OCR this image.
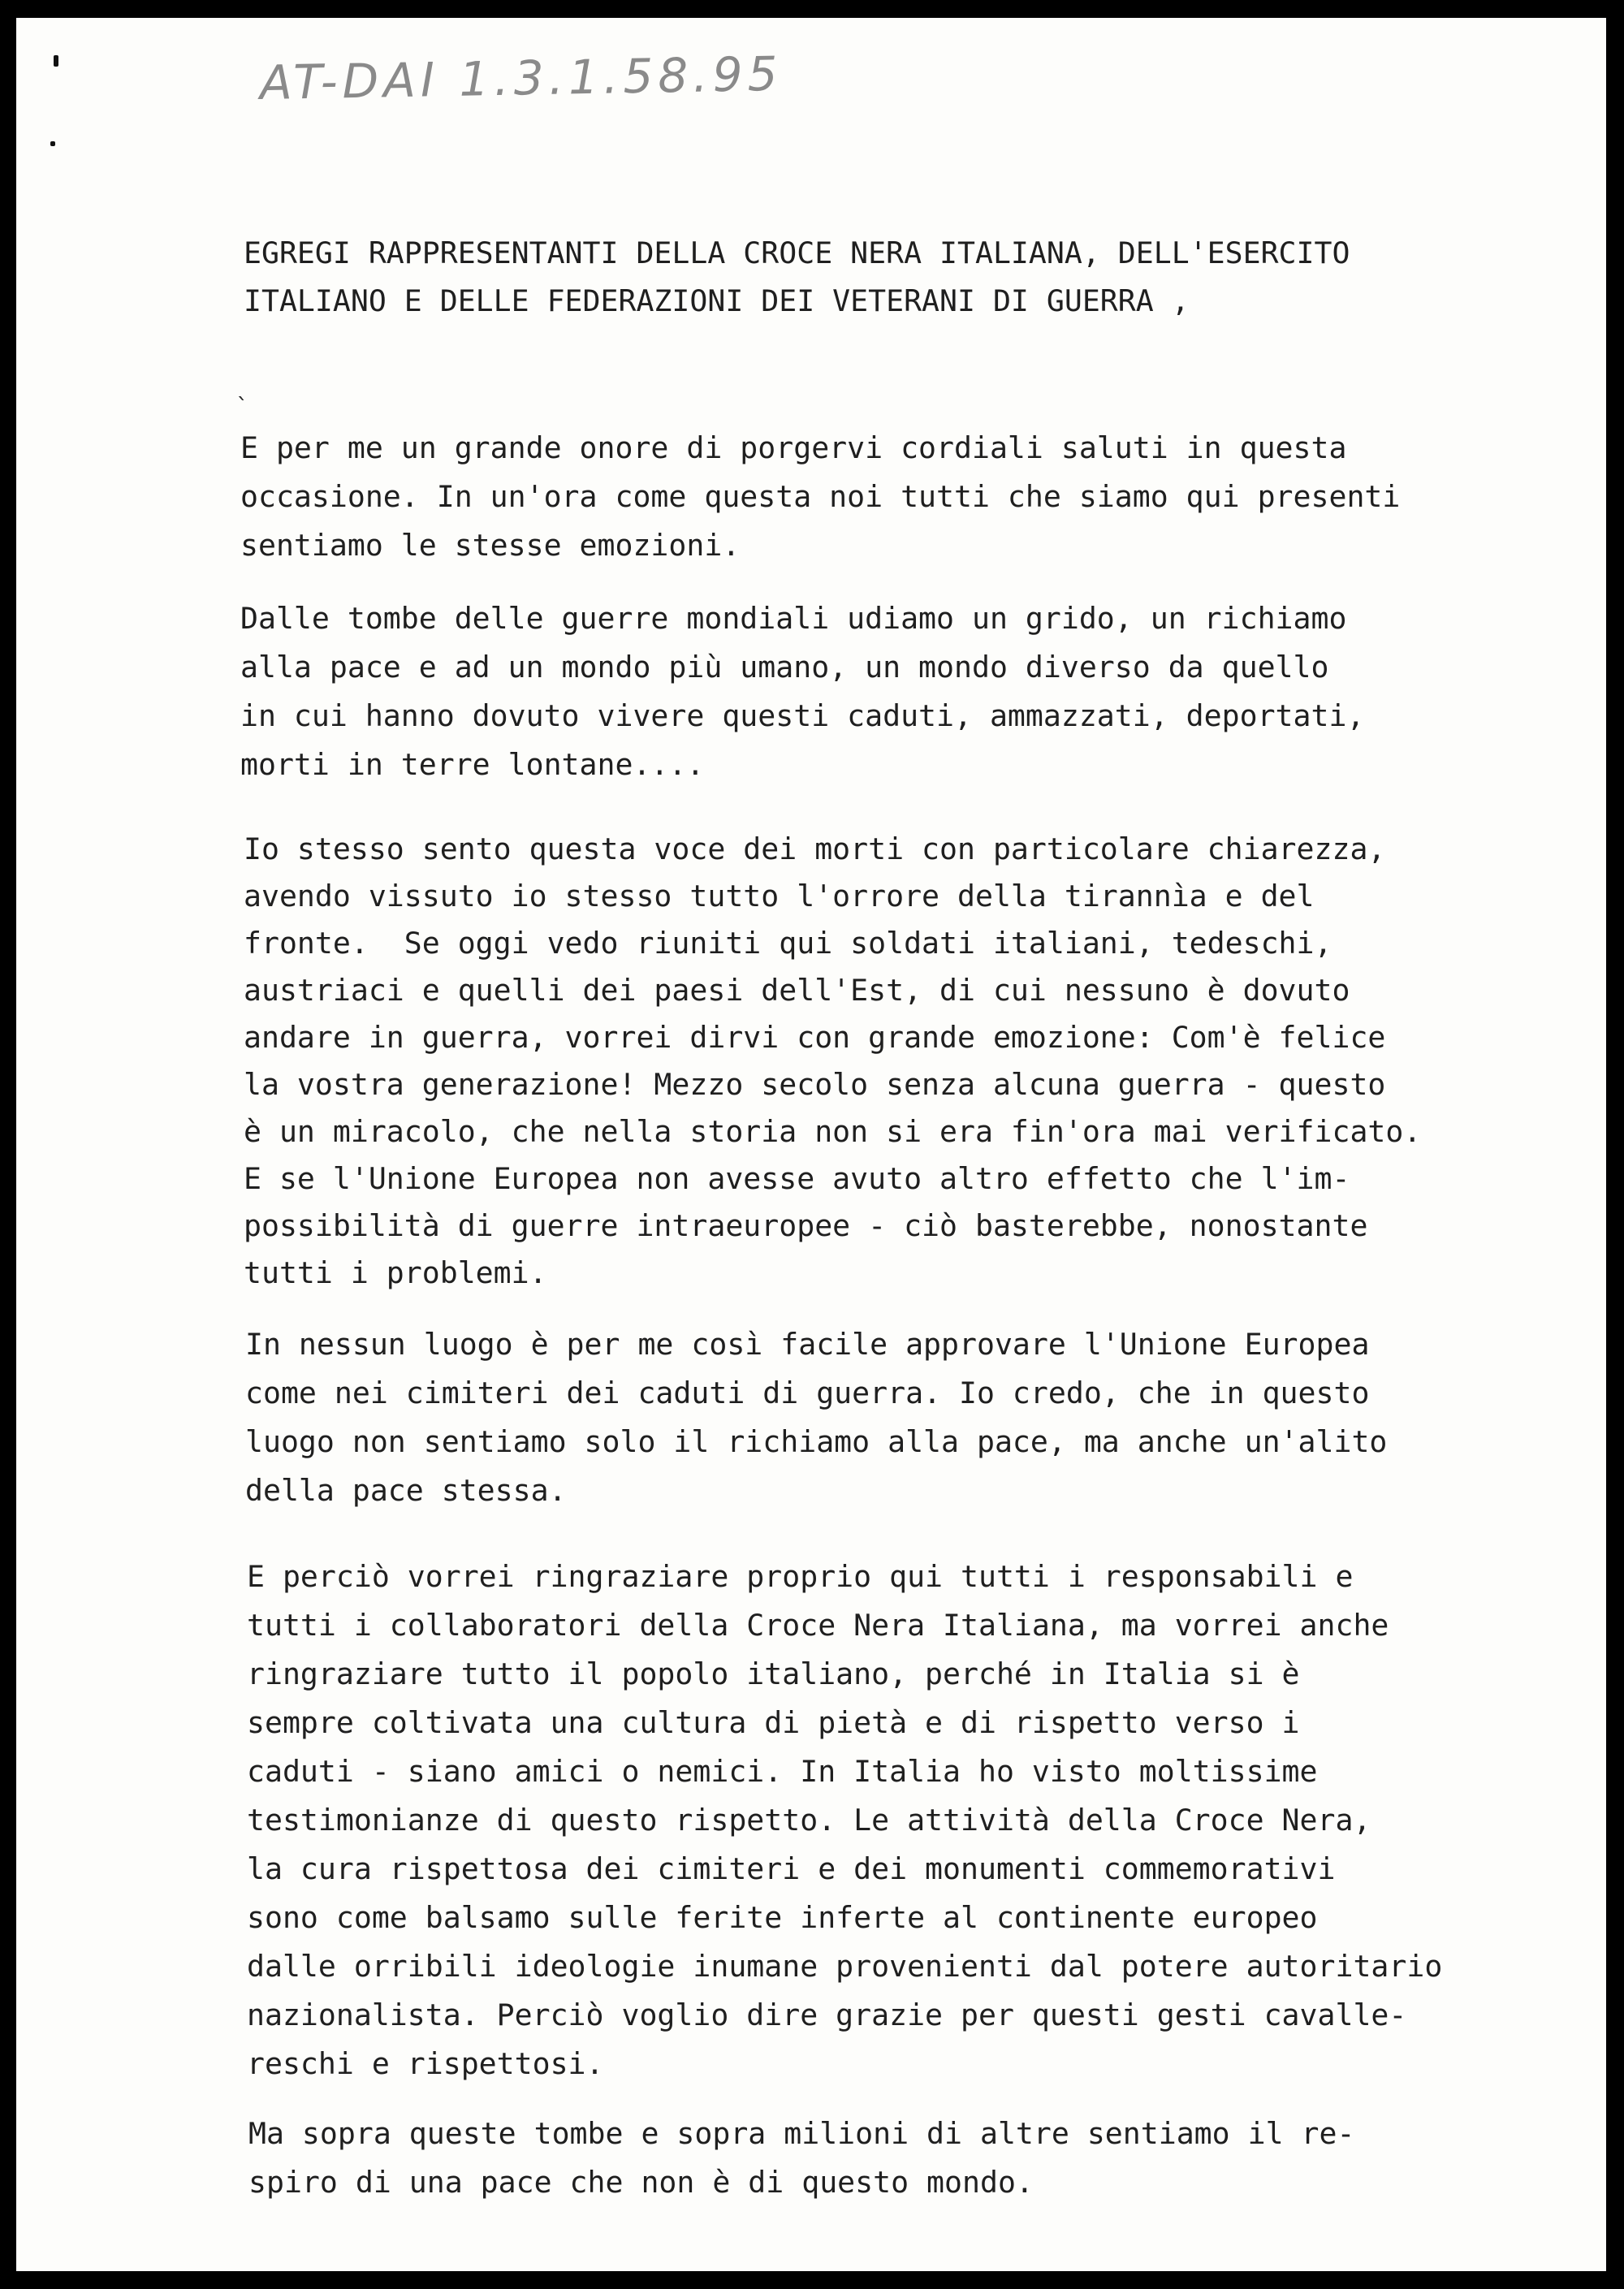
AT-DAI 1.3.1.58.95
`
EGREGI RAPPRESENTANTI DELLA CROCE NERA ITALIANA, DELL'ESERCITO
ITALIANO E DELLE FEDERAZIONI DEI VETERANI DI GUERRA ,
E per me un grande onore di porgervi cordiali saluti in questa
occasione. In un'ora come questa noi tutti che siamo qui presenti
sentiamo le stesse emozioni.
Dalle tombe delle guerre mondiali udiamo un grido, un richiamo
alla pace e ad un mondo più umano, un mondo diverso da quello
in cui hanno dovuto vivere questi caduti, ammazzati, deportati,
morti in terre lontane....
Io stesso sento questa voce dei morti con particolare chiarezza,
avendo vissuto io stesso tutto l'orrore della tirannìa e del
fronte.  Se oggi vedo riuniti qui soldati italiani, tedeschi,
austriaci e quelli dei paesi dell'Est, di cui nessuno è dovuto
andare in guerra, vorrei dirvi con grande emozione: Com'è felice
la vostra generazione! Mezzo secolo senza alcuna guerra - questo
è un miracolo, che nella storia non si era fin'ora mai verificato.
E se l'Unione Europea non avesse avuto altro effetto che l'im-
possibilità di guerre intraeuropee - ciò basterebbe, nonostante
tutti i problemi.
In nessun luogo è per me così facile approvare l'Unione Europea
come nei cimiteri dei caduti di guerra. Io credo, che in questo
luogo non sentiamo solo il richiamo alla pace, ma anche un'alito
della pace stessa.
E perciò vorrei ringraziare proprio qui tutti i responsabili e
tutti i collaboratori della Croce Nera Italiana, ma vorrei anche
ringraziare tutto il popolo italiano, perché in Italia si è
sempre coltivata una cultura di pietà e di rispetto verso i
caduti - siano amici o nemici. In Italia ho visto moltissime
testimonianze di questo rispetto. Le attività della Croce Nera,
la cura rispettosa dei cimiteri e dei monumenti commemorativi
sono come balsamo sulle ferite inferte al continente europeo
dalle orribili ideologie inumane provenienti dal potere autoritario
nazionalista. Perciò voglio dire grazie per questi gesti cavalle-
reschi e rispettosi.
Ma sopra queste tombe e sopra milioni di altre sentiamo il re-
spiro di una pace che non è di questo mondo.
